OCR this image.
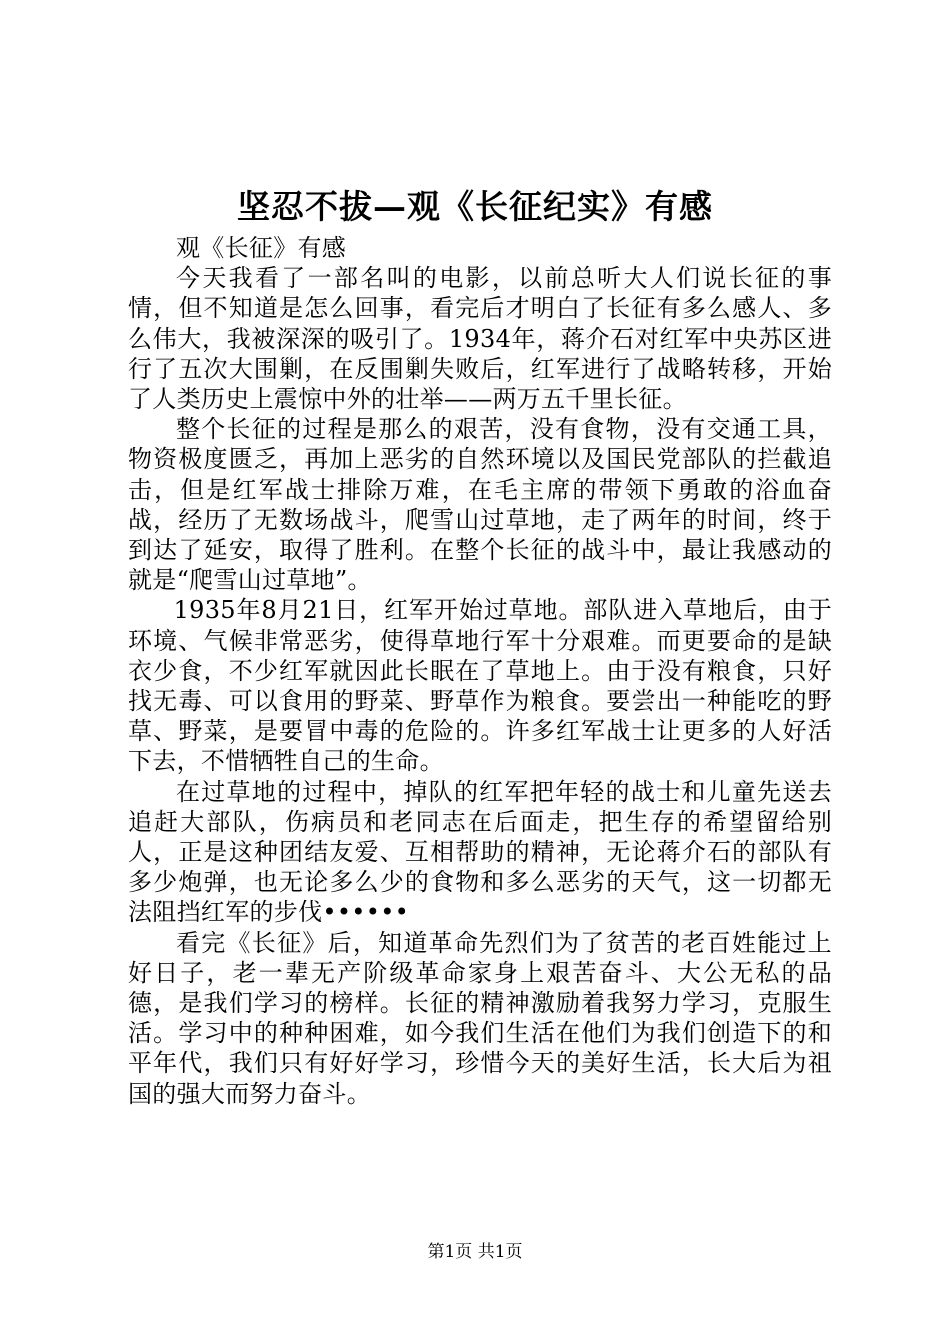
坚忍不拔—观《长征纪实》有感

观《长征》有感

今天我看了一部名叫的电影，以前总听大人们说长征的事情，但不知道是怎么回事，看完后才明白了长征有多么感人、多么伟大，我被深深的吸引了。1934年，蒋介石对红军中央苏区进行了五次大围剿，在反围剿失败后，红军进行了战略转移，开始了人类历史上震惊中外的壮举——两万五千里长征。

整个长征的过程是那么的艰苦，没有食物，没有交通工具，物资极度匮乏，再加上恶劣的自然环境以及国民党部队的拦截追击，但是红军战士排除万难，在毛主席的带领下勇敢的浴血奋战，经历了无数场战斗，爬雪山过草地，走了两年的时间，终于到达了延安，取得了胜利。在整个长征的战斗中，最让我感动的就是“爬雪山过草地”。

1935年8月21日，红军开始过草地。部队进入草地后，由于环境、气候非常恶劣，使得草地行军十分艰难。而更要命的是缺衣少食，不少红军就因此长眠在了草地上。由于没有粮食，只好找无毒、可以食用的野菜、野草作为粮食。要尝出一种能吃的野草、野菜，是要冒中毒的危险的。许多红军战士让更多的人好活下去，不惜牺牲自己的生命。

在过草地的过程中，掉队的红军把年轻的战士和儿童先送去追赶大部队，伤病员和老同志在后面走，把生存的希望留给别人，正是这种团结友爱、互相帮助的精神，无论蒋介石的部队有多少炮弹，也无论多么少的食物和多么恶劣的天气，这一切都无法阻挡红军的步伐••••••

看完《长征》后，知道革命先烈们为了贫苦的老百姓能过上好日子，老一辈无产阶级革命家身上艰苦奋斗、大公无私的品德，是我们学习的榜样。长征的精神激励着我努力学习，克服生活。学习中的种种困难，如今我们生活在他们为我们创造下的和平年代，我们只有好好学习，珍惜今天的美好生活，长大后为祖国的强大而努力奋斗。

第1页 共1页
